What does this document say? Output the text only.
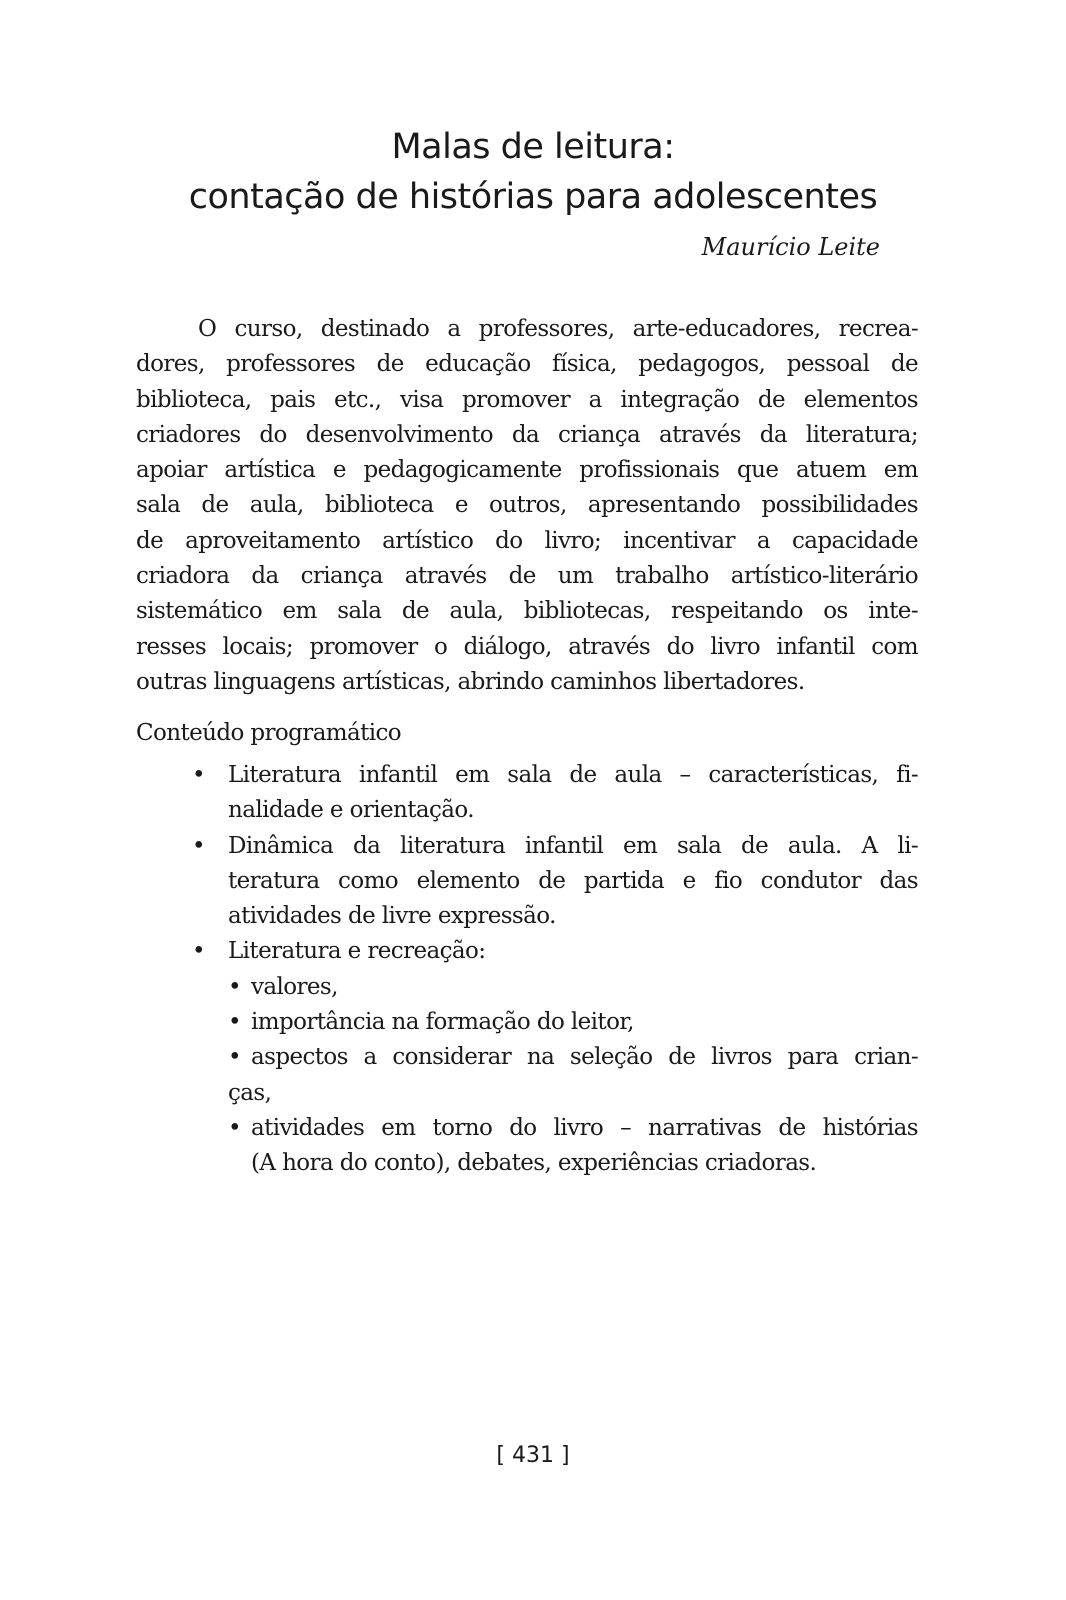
Malas de leitura:
contação de histórias para adolescentes
Maurício Leite
O curso, destinado a professores, arte-educadores, recrea-
dores, professores de educação física, pedagogos, pessoal de
biblioteca, pais etc., visa promover a integração de elementos
criadores do desenvolvimento da criança através da literatura;
apoiar artística e pedagogicamente profissionais que atuem em
sala de aula, biblioteca e outros, apresentando possibilidades
de aproveitamento artístico do livro; incentivar a capacidade
criadora da criança através de um trabalho artístico-literário
sistemático em sala de aula, bibliotecas, respeitando os inte-
resses locais; promover o diálogo, através do livro infantil com
outras linguagens artísticas, abrindo caminhos libertadores.
Conteúdo programático
• Literatura infantil em sala de aula – características, fi-
nalidade e orientação.
• Dinâmica da literatura infantil em sala de aula. A li-
teratura como elemento de partida e fio condutor das
atividades de livre expressão.
• Literatura e recreação:
• valores,
• importância na formação do leitor,
• aspectos a considerar na seleção de livros para crian-
ças,
• atividades em torno do livro – narrativas de histórias
(A hora do conto), debates, experiências criadoras.
[ 431 ]
